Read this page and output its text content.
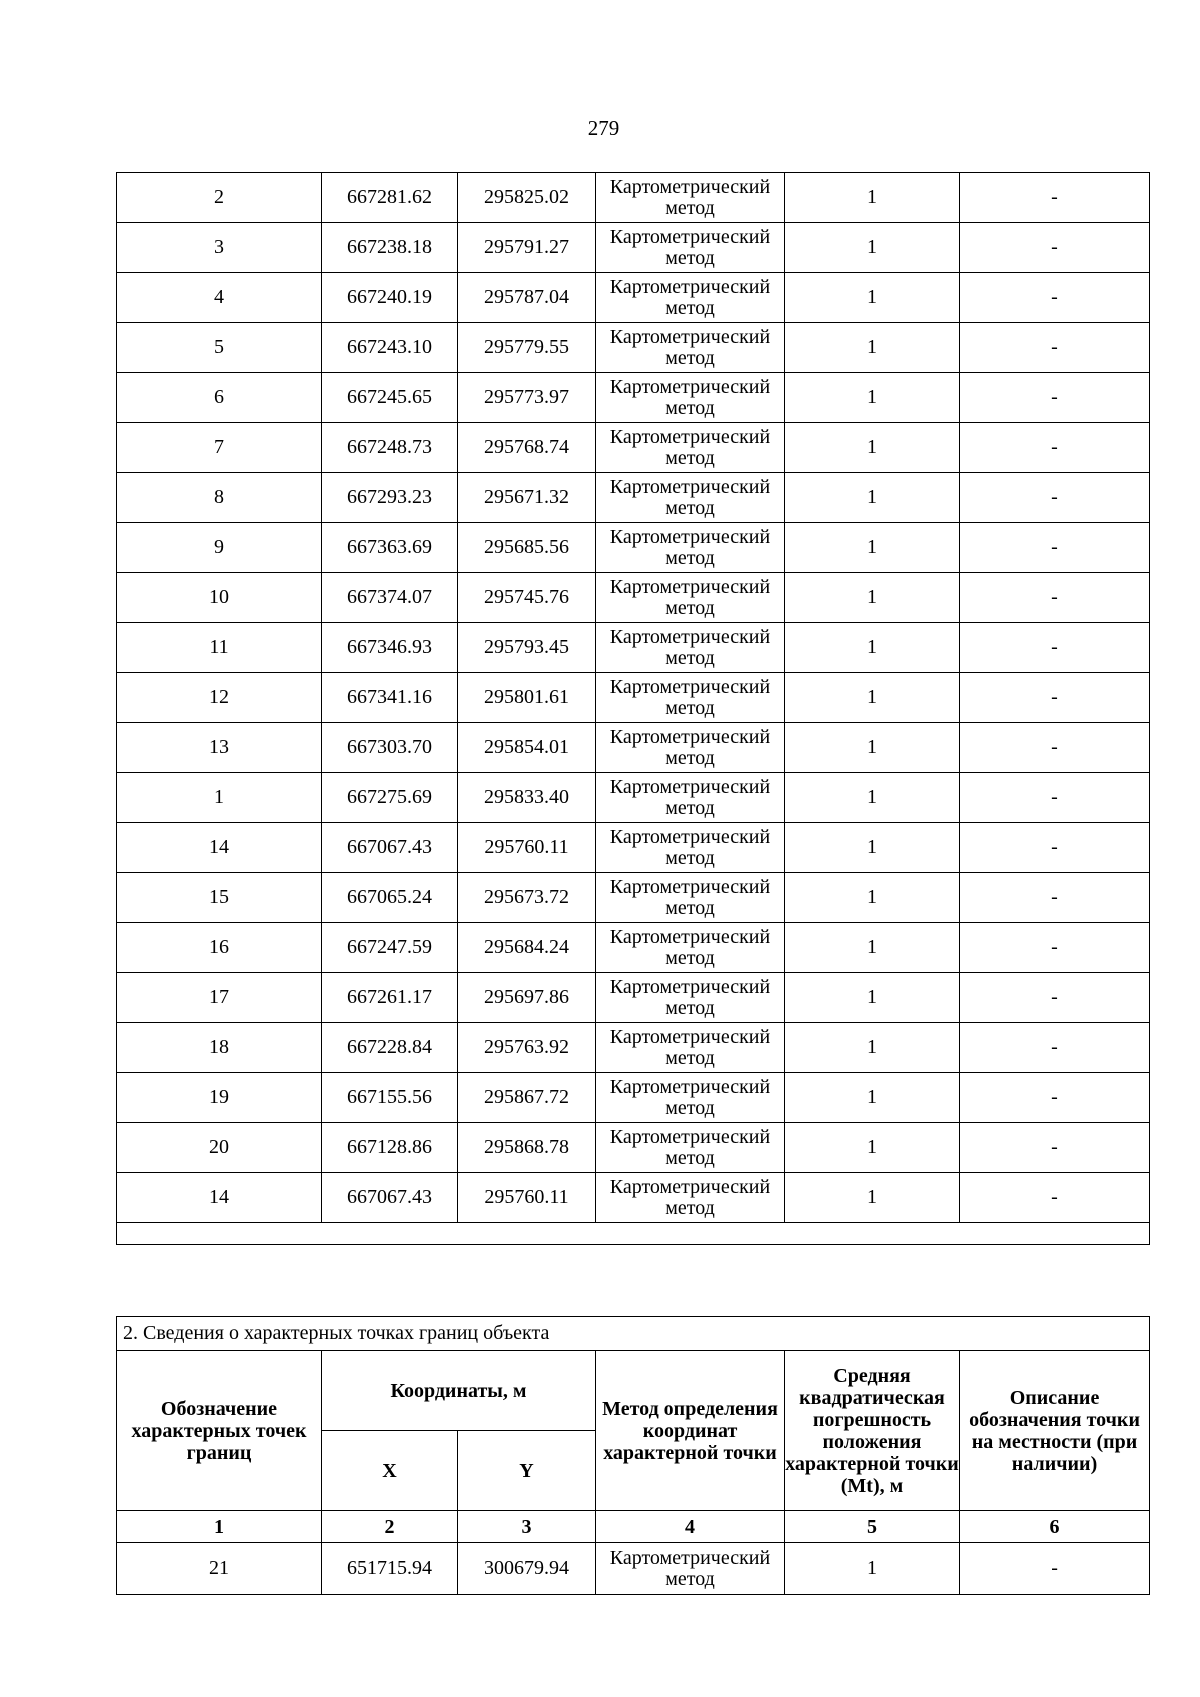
279
2	667281.62	295825.02	Картометрический метод	1	-
3	667238.18	295791.27	Картометрический метод	1	-
4	667240.19	295787.04	Картометрический метод	1	-
5	667243.10	295779.55	Картометрический метод	1	-
6	667245.65	295773.97	Картометрический метод	1	-
7	667248.73	295768.74	Картометрический метод	1	-
8	667293.23	295671.32	Картометрический метод	1	-
9	667363.69	295685.56	Картометрический метод	1	-
10	667374.07	295745.76	Картометрический метод	1	-
11	667346.93	295793.45	Картометрический метод	1	-
12	667341.16	295801.61	Картометрический метод	1	-
13	667303.70	295854.01	Картометрический метод	1	-
1	667275.69	295833.40	Картометрический метод	1	-
14	667067.43	295760.11	Картометрический метод	1	-
15	667065.24	295673.72	Картометрический метод	1	-
16	667247.59	295684.24	Картометрический метод	1	-
17	667261.17	295697.86	Картометрический метод	1	-
18	667228.84	295763.92	Картометрический метод	1	-
19	667155.56	295867.72	Картометрический метод	1	-
20	667128.86	295868.78	Картометрический метод	1	-
14	667067.43	295760.11	Картометрический метод	1	-

2. Сведения о характерных точках границ объекта					
Обозначение характерных точек границ	Координаты, м		Метод определения координат характерной точки	Средняя квадратическая погрешность положения характерной точки (Mt), м	Описание обозначения точки на местности (при наличии)
	X	Y			
1	2	3	4	5	6
21	651715.94	300679.94	Картометрический метод	1	-
